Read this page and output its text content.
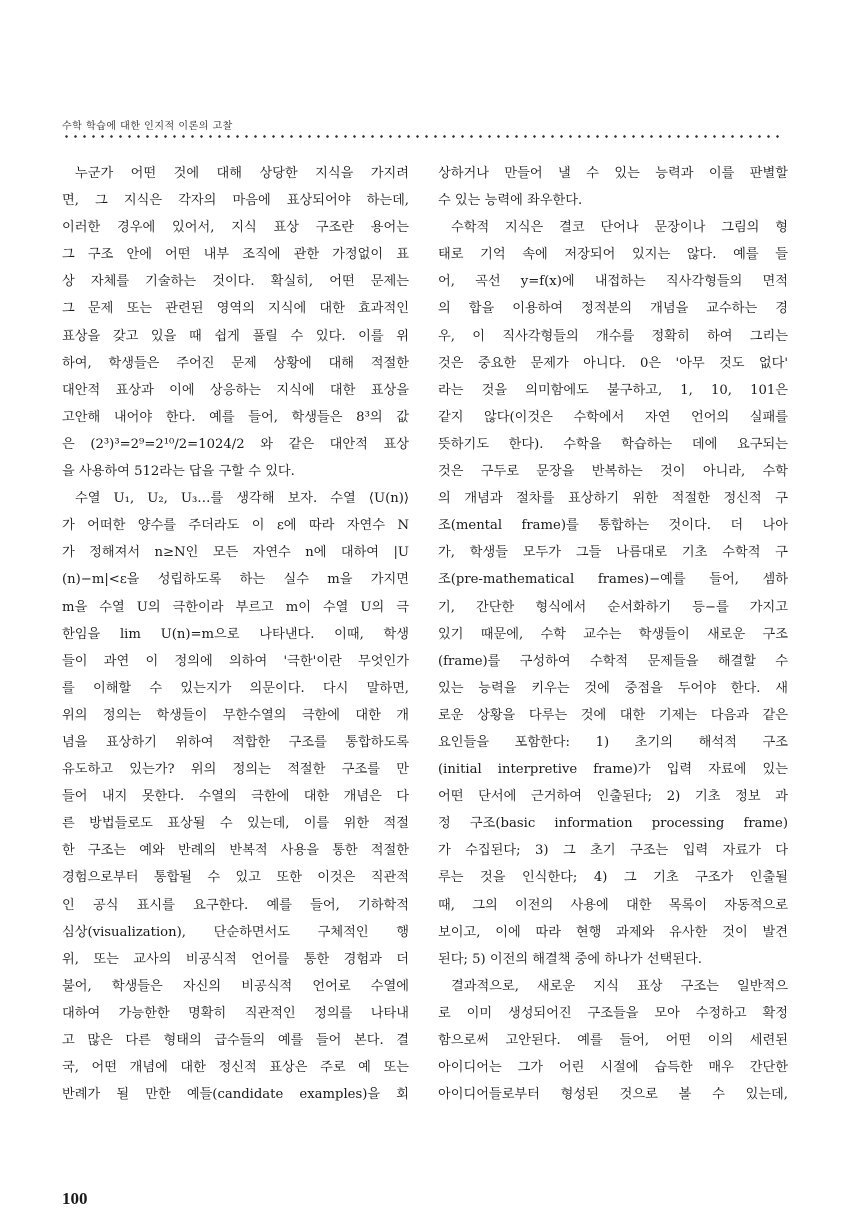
수학 학습에 대한 인지적 이론의 고찰
누군가 어떤 것에 대해 상당한 지식을 가지려
면, 그 지식은 각자의 마음에 표상되어야 하는데,
이러한 경우에 있어서, 지식 표상 구조란 용어는
그 구조 안에 어떤 내부 조직에 관한 가정없이 표
상 자체를 기술하는 것이다. 확실히, 어떤 문제는
그 문제 또는 관련된 영역의 지식에 대한 효과적인
표상을 갖고 있을 때 쉽게 풀릴 수 있다. 이를 위
하여, 학생들은 주어진 문제 상황에 대해 적절한
대안적 표상과 이에 상응하는 지식에 대한 표상을
고안해 내어야 한다. 예를 들어, 학생들은 8³의 값
은 (2³)³=2⁹=2¹⁰/2=1024/2 와 같은 대안적 표상
을 사용하여 512라는 답을 구할 수 있다.
수열 U₁, U₂, U₃…를 생각해 보자. 수열 ⟨U(n)⟩
가 어떠한 양수를 주더라도 이 ε에 따라 자연수 N
가 정해져서 n≥N인 모든 자연수 n에 대하여 |U
(n)−m|<ε을 성립하도록 하는 실수 m을 가지면
m을 수열 U의 극한이라 부르고 m이 수열 U의 극
한임을 lim U(n)=m으로 나타낸다. 이때, 학생
들이 과연 이 정의에 의하여 '극한'이란 무엇인가
를 이해할 수 있는지가 의문이다. 다시 말하면,
위의 정의는 학생들이 무한수열의 극한에 대한 개
념을 표상하기 위하여 적합한 구조를 통합하도록
유도하고 있는가? 위의 정의는 적절한 구조를 만
들어 내지 못한다. 수열의 극한에 대한 개념은 다
른 방법들로도 표상될 수 있는데, 이를 위한 적절
한 구조는 예와 반례의 반복적 사용을 통한 적절한
경험으로부터 통합될 수 있고 또한 이것은 직관적
인 공식 표시를 요구한다. 예를 들어, 기하학적
심상(visualization), 단순하면서도 구체적인 행
위, 또는 교사의 비공식적 언어를 통한 경험과 더
불어, 학생들은 자신의 비공식적 언어로 수열에
대하여 가능한한 명확히 직관적인 정의를 나타내
고 많은 다른 형태의 급수들의 예를 들어 본다. 결
국, 어떤 개념에 대한 정신적 표상은 주로 예 또는
반례가 될 만한 예들(candidate examples)을 회
상하거나 만들어 낼 수 있는 능력과 이를 판별할
수 있는 능력에 좌우한다.
수학적 지식은 결코 단어나 문장이나 그림의 형
태로 기억 속에 저장되어 있지는 않다. 예를 들
어, 곡선 y=f(x)에 내접하는 직사각형들의 면적
의 합을 이용하여 정적분의 개념을 교수하는 경
우, 이 직사각형들의 개수를 정확히 하여 그리는
것은 중요한 문제가 아니다. 0은 '아무 것도 없다'
라는 것을 의미함에도 불구하고, 1, 10, 101은
같지 않다(이것은 수학에서 자연 언어의 실패를
뜻하기도 한다). 수학을 학습하는 데에 요구되는
것은 구두로 문장을 반복하는 것이 아니라, 수학
의 개념과 절차를 표상하기 위한 적절한 정신적 구
조(mental frame)를 통합하는 것이다. 더 나아
가, 학생들 모두가 그들 나름대로 기초 수학적 구
조(pre-mathematical frames)−예를 들어, 셈하
기, 간단한 형식에서 순서화하기 등−를 가지고
있기 때문에, 수학 교수는 학생들이 새로운 구조
(frame)를 구성하여 수학적 문제들을 해결할 수
있는 능력을 키우는 것에 중점을 두어야 한다. 새
로운 상황을 다루는 것에 대한 기제는 다음과 같은
요인들을 포함한다: 1) 초기의 해석적 구조
(initial interpretive frame)가 입력 자료에 있는
어떤 단서에 근거하여 인출된다; 2) 기초 정보 과
정 구조(basic information processing frame)
가 수집된다; 3) 그 초기 구조는 입력 자료가 다
루는 것을 인식한다; 4) 그 기초 구조가 인출될
때, 그의 이전의 사용에 대한 목록이 자동적으로
보이고, 이에 따라 현행 과제와 유사한 것이 발견
된다; 5) 이전의 해결책 중에 하나가 선택된다.
결과적으로, 새로운 지식 표상 구조는 일반적으
로 이미 생성되어진 구조들을 모아 수정하고 확정
함으로써 고안된다. 예를 들어, 어떤 이의 세련된
아이디어는 그가 어린 시절에 습득한 매우 간단한
아이디어들로부터 형성된 것으로 볼 수 있는데,
100
